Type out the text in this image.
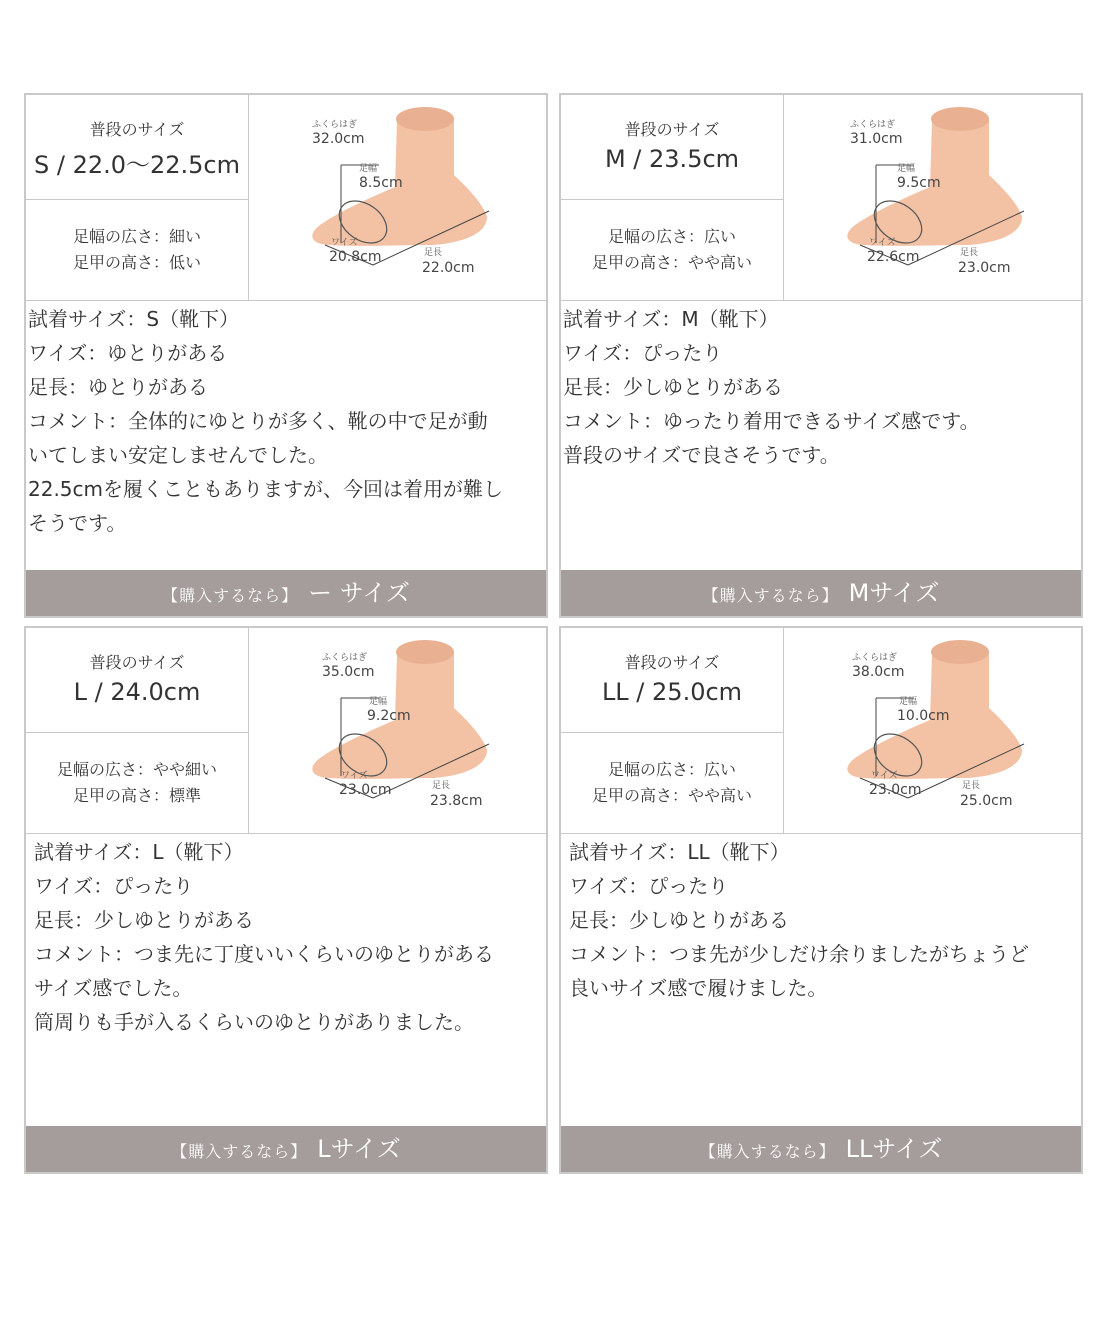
普段のサイズ
S / 22.0～22.5cm
足幅の広さ：細い
足甲の高さ：低い
ふくらはぎ
32.0cm
足幅
8.5cm
ワイズ
20.8cm	足長
22.0cm
試着サイズ：S（靴下）
ワイズ：ゆとりがある
足長：ゆとりがある
コメント：全体的にゆとりが多く、靴の中で足が動
いてしまい安定しませんでした。
22.5cmを履くこともありますが、今回は着用が難し
そうです。
【購入するなら】 ー サイズ
普段のサイズ
M / 23.5cm
足幅の広さ：広い
足甲の高さ：やや高い
ふくらはぎ
31.0cm
足幅
9.5cm
ワイズ
22.6cm	足長
23.0cm
試着サイズ：M（靴下）
ワイズ：ぴったり
足長：少しゆとりがある
コメント：ゆったり着用できるサイズ感です。
普段のサイズで良さそうです。
【購入するなら】 Mサイズ
普段のサイズ
L / 24.0cm
足幅の広さ：やや細い
足甲の高さ：標準
ふくらはぎ
35.0cm
足幅
9.2cm
ワイズ
23.0cm	足長
23.8cm
試着サイズ：L（靴下）
ワイズ：ぴったり
足長：少しゆとりがある
コメント：つま先に丁度いいくらいのゆとりがある
サイズ感でした。
筒周りも手が入るくらいのゆとりがありました。
【購入するなら】 Lサイズ
普段のサイズ
LL / 25.0cm
足幅の広さ：広い
足甲の高さ：やや高い
ふくらはぎ
38.0cm
足幅
10.0cm
ワイズ
23.0cm	足長
25.0cm
試着サイズ：LL（靴下）
ワイズ：ぴったり
足長：少しゆとりがある
コメント：つま先が少しだけ余りましたがちょうど
良いサイズ感で履けました。
【購入するなら】 LLサイズ
